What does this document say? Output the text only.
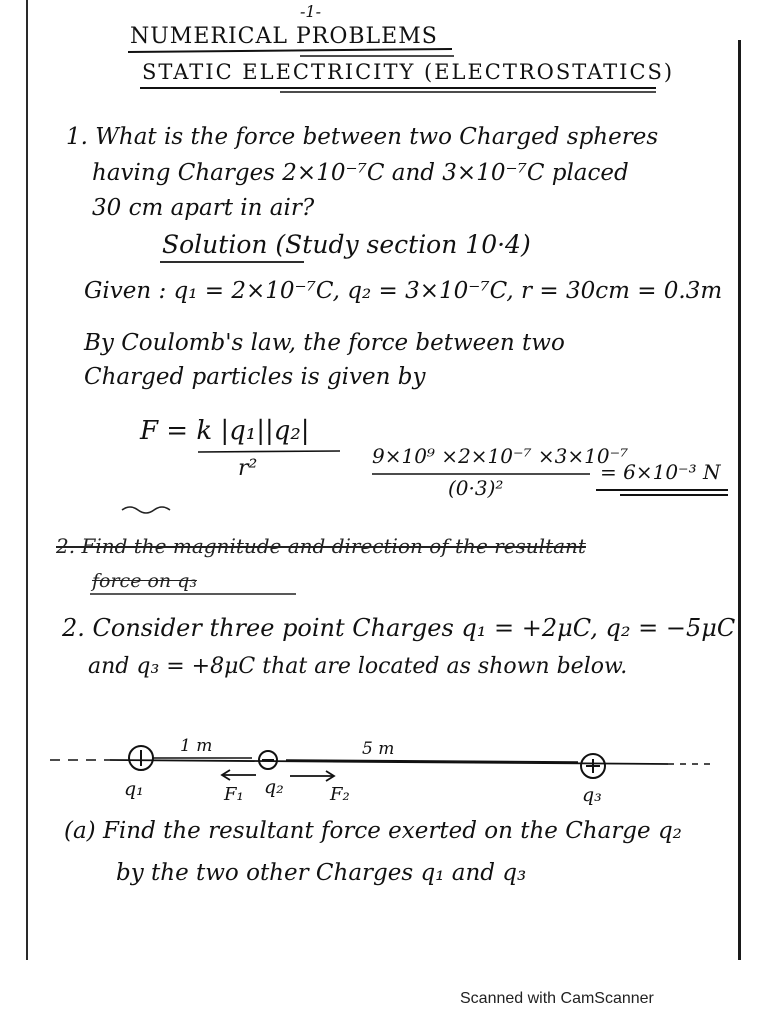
-1-
NUMERICAL PROBLEMS
STATIC ELECTRICITY (ELECTROSTATICS)
1. What is the force between two Charged spheres
having Charges 2×10⁻⁷C and 3×10⁻⁷C placed
30 cm apart in air?
Solution (Study section 10·4)
Given : q₁ = 2×10⁻⁷C, q₂ = 3×10⁻⁷C, r = 30cm = 0.3m
By Coulomb's law, the force between two
Charged particles is given by
F = k |q₁||q₂|
9×10⁹ ×2×10⁻⁷ ×3×10⁻⁷
r²
(0·3)²
= 6×10⁻³ N
2. Find the magnitude and direction of the resultant
force on q₃
2. Consider three point Charges q₁ = +2μC, q₂ = −5μC
and q₃ = +8μC that are located as shown below.
1 m	5 m
q₁	F₁ q₂	F₂	q₃
(a) Find the resultant force exerted on the Charge q₂
by the two other Charges q₁ and q₃
Scanned with CamScanner
